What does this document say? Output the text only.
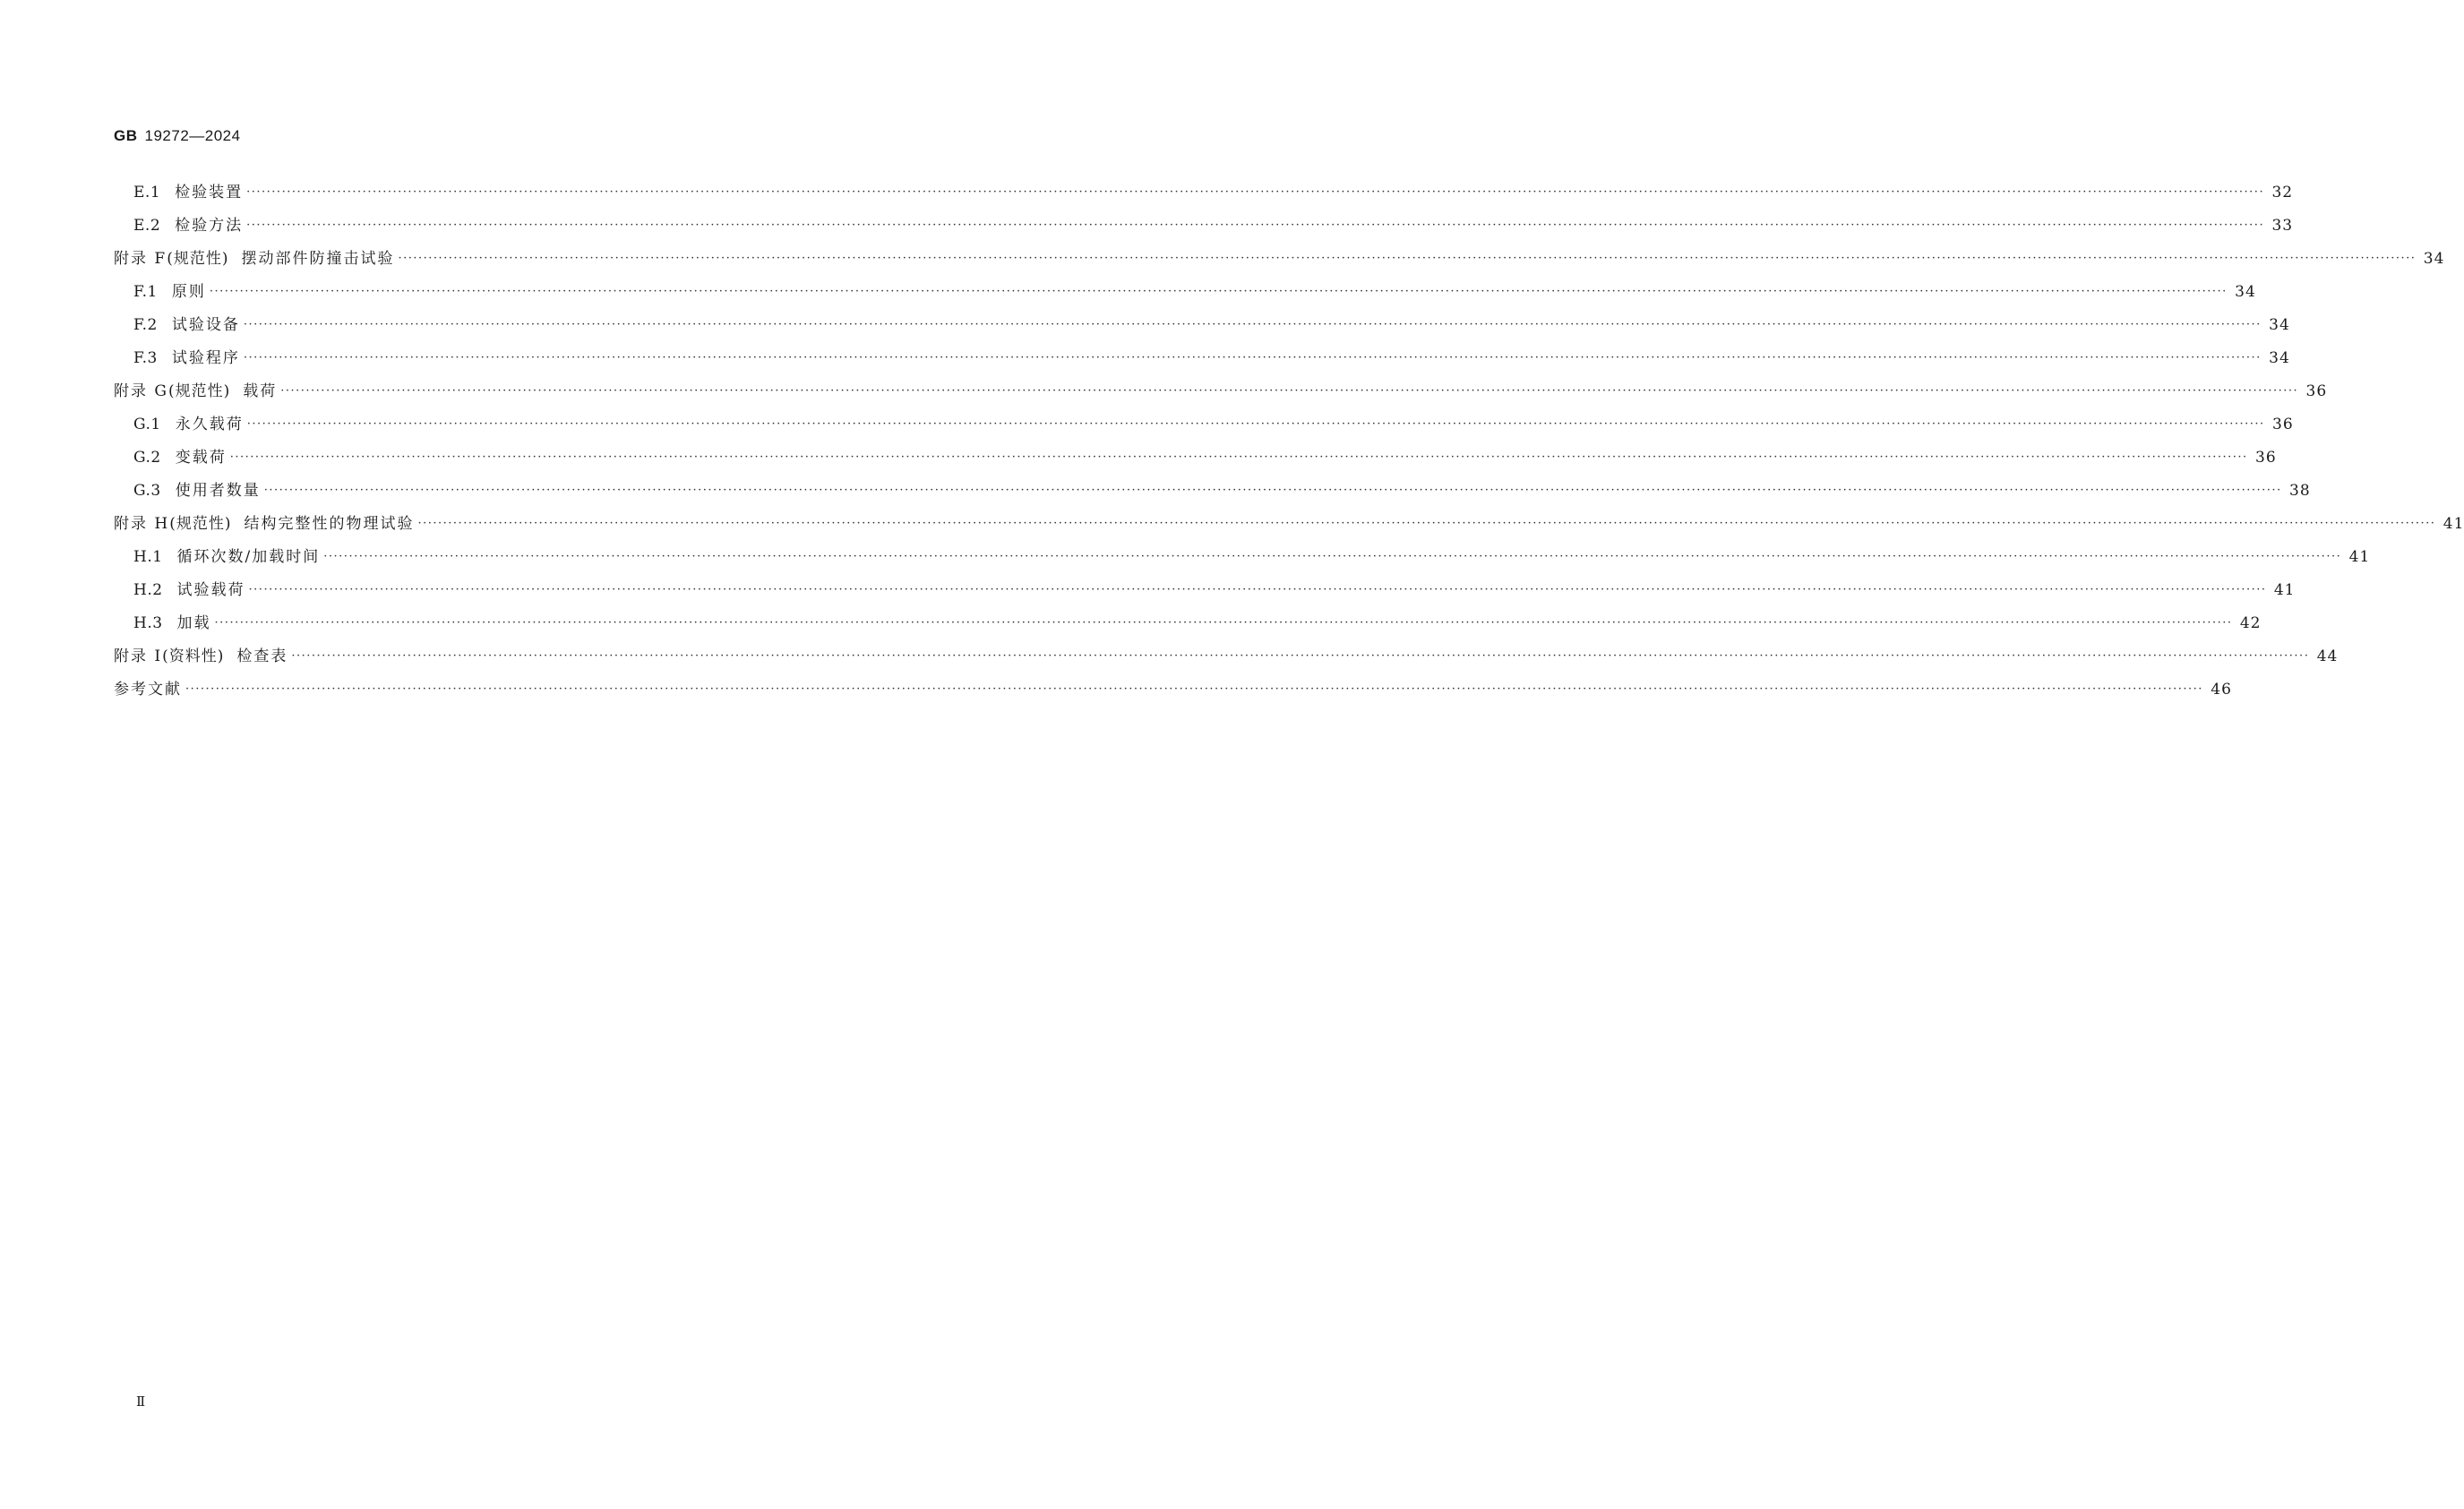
GB 19272—2024
E.1 检验装置 ················································································································································································································································································································································································································ 32
E.2 检验方法 ················································································································································································································································································································································································································ 33
附录 F(规范性) 摆动部件防撞击试验 ················································································································································································································································································································································································································ 34
F.1 原则 ················································································································································································································································································································································································································ 34
F.2 试验设备 ················································································································································································································································································································································································································ 34
F.3 试验程序 ················································································································································································································································································································································································································ 34
附录 G(规范性) 载荷 ················································································································································································································································································································································································································ 36
G.1 永久载荷 ················································································································································································································································································································································································································ 36
G.2 变载荷 ················································································································································································································································································································································································································ 36
G.3 使用者数量 ················································································································································································································································································································································································································ 38
附录 H(规范性) 结构完整性的物理试验 ················································································································································································································································································································································································································ 41
H.1 循环次数/加载时间 ················································································································································································································································································································································································································ 41
H.2 试验载荷 ················································································································································································································································································································································································································ 41
H.3 加载 ················································································································································································································································································································································································································ 42
附录 I(资料性) 检查表 ················································································································································································································································································································································································································ 44
参考文献 ················································································································································································································································································································································································································ 46
Ⅱ
